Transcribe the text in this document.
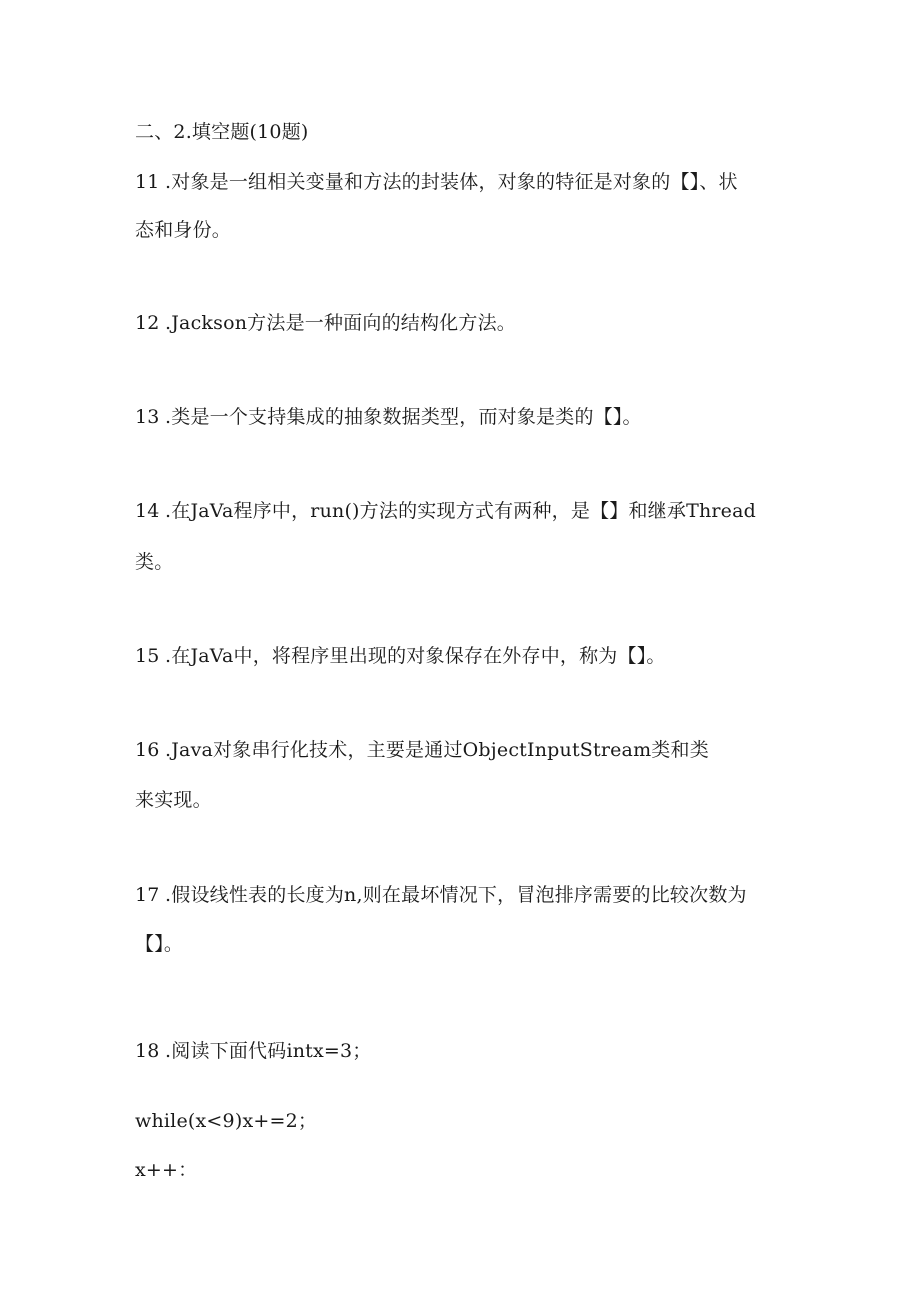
二、2.填空题(10题)
11 .对象是一组相关变量和方法的封装体，对象的特征是对象的【】、状
态和身份。
12 .Jackson方法是一种面向的结构化方法。
13 .类是一个支持集成的抽象数据类型，而对象是类的【】。
14 .在JaVa程序中，run()方法的实现方式有两种，是【】和继承Thread
类。
15 .在JaVa中，将程序里出现的对象保存在外存中，称为【】。
16 .Java对象串行化技术，主要是通过ObjectInputStream类和类
来实现。
17 .假设线性表的长度为n,则在最坏情况下，冒泡排序需要的比较次数为
【】。
18 .阅读下面代码intx=3；
while(x<9)x+=2；
x++：
